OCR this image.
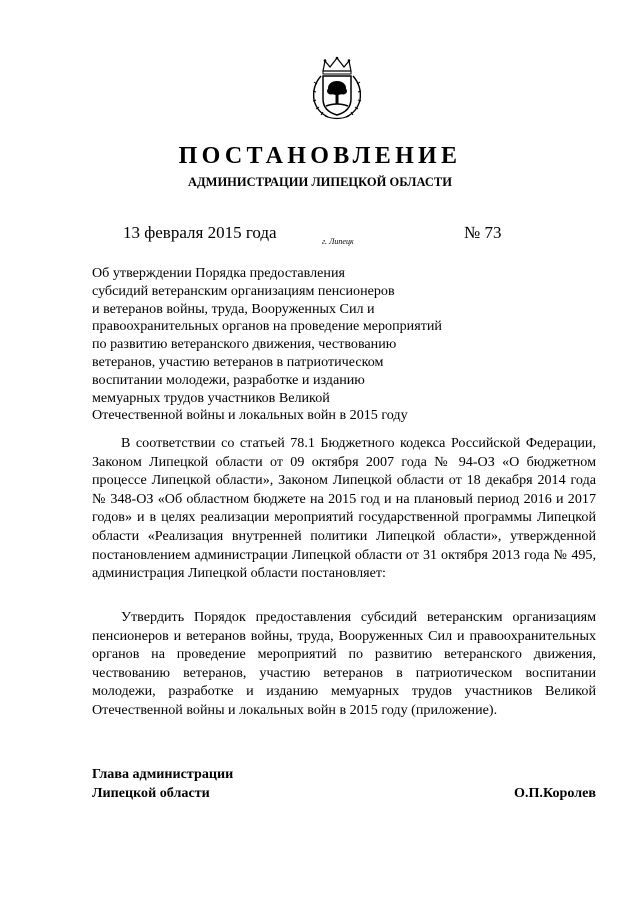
ПОСТАНОВЛЕНИЕ
АДМИНИСТРАЦИИ ЛИПЕЦКОЙ ОБЛАСТИ
13 февраля 2015 года	г. Липецк	№ 73
Об утверждении Порядка предоставления
субсидий ветеранским организациям пенсионеров
и ветеранов войны, труда, Вооруженных Сил и
правоохранительных органов на проведение мероприятий
по развитию ветеранского движения, чествованию
ветеранов, участию ветеранов в патриотическом
воспитании молодежи, разработке и изданию
мемуарных трудов участников Великой
Отечественной войны и локальных войн в 2015 году

В соответствии со статьей 78.1 Бюджетного кодекса Российской Федерации, Законом Липецкой области от 09 октября 2007 года № 94-ОЗ «О бюджетном процессе Липецкой области», Законом Липецкой области от 18 декабря 2014 года № 348-ОЗ «Об областном бюджете на 2015 год и на плановый период 2016 и 2017 годов» и в целях реализации мероприятий государственной программы Липецкой области «Реализация внутренней политики Липецкой области», утвержденной постановлением администрации Липецкой области от 31 октября 2013 года № 495, администрация Липецкой области постановляет:

Утвердить Порядок предоставления субсидий ветеранским организациям пенсионеров и ветеранов войны, труда, Вооруженных Сил и правоохранительных органов на проведение мероприятий по развитию ветеранского движения, чествованию ветеранов, участию ветеранов в патриотическом воспитании молодежи, разработке и изданию мемуарных трудов участников Великой Отечественной войны и локальных войн в 2015 году (приложение).

Глава администрации
Липецкой области	О.П.Королев
